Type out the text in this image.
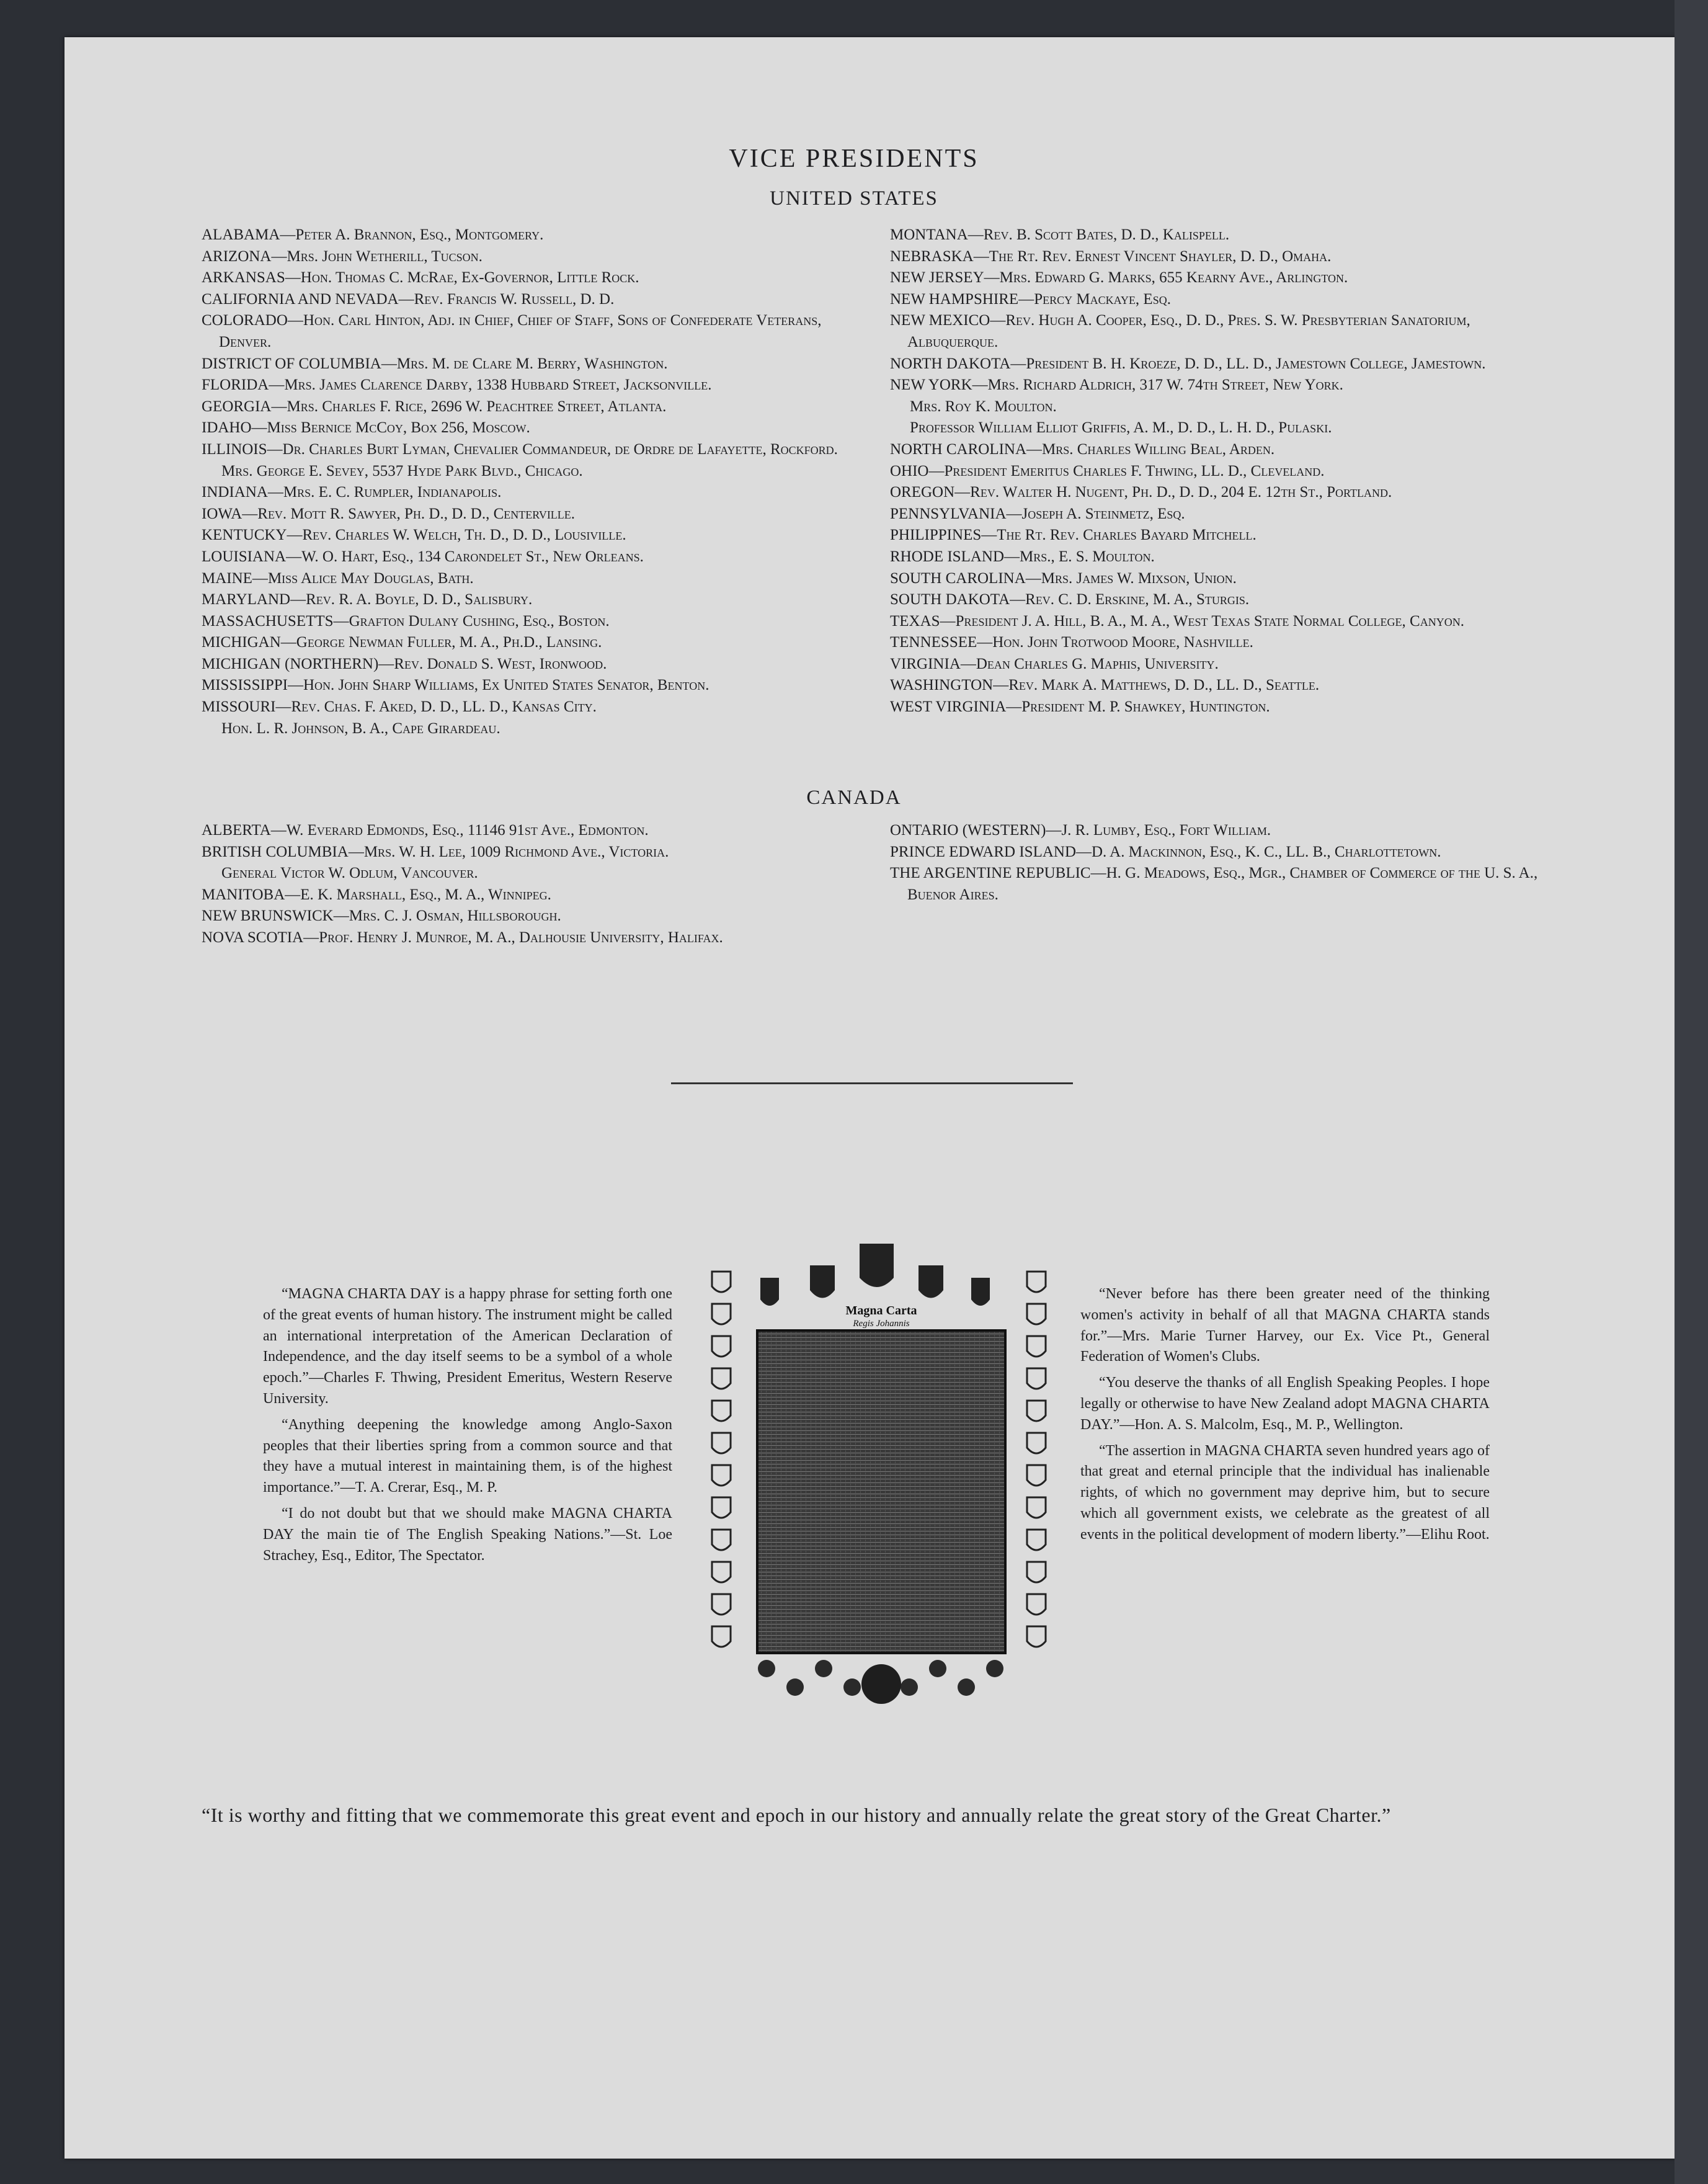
VICE PRESIDENTS
UNITED STATES
ALABAMA—Peter A. Brannon, Esq., Montgomery.
ARIZONA—Mrs. John Wetherill, Tucson.
ARKANSAS—Hon. Thomas C. McRae, Ex-Governor, Little Rock.
CALIFORNIA AND NEVADA—Rev. Francis W. Russell, D. D.
COLORADO—Hon. Carl Hinton, Adj. in Chief, Chief of Staff, Sons of Confederate Veterans, Denver.
DISTRICT OF COLUMBIA—Mrs. M. de Clare M. Berry, Washington.
FLORIDA—Mrs. James Clarence Darby, 1338 Hubbard Street, Jacksonville.
GEORGIA—Mrs. Charles F. Rice, 2696 W. Peachtree Street, Atlanta.
IDAHO—Miss Bernice McCoy, Box 256, Moscow.
ILLINOIS—Dr. Charles Burt Lyman, Chevalier Commandeur, de Ordre de Lafayette, Rockford.
Mrs. George E. Sevey, 5537 Hyde Park Blvd., Chicago.
INDIANA—Mrs. E. C. Rumpler, Indianapolis.
IOWA—Rev. Mott R. Sawyer, Ph. D., D. D., Centerville.
KENTUCKY—Rev. Charles W. Welch, Th. D., D. D., Lousiville.
LOUISIANA—W. O. Hart, Esq., 134 Carondelet St., New Orleans.
MAINE—Miss Alice May Douglas, Bath.
MARYLAND—Rev. R. A. Boyle, D. D., Salisbury.
MASSACHUSETTS—Grafton Dulany Cushing, Esq., Boston.
MICHIGAN—George Newman Fuller, M. A., Ph.D., Lansing.
MICHIGAN (NORTHERN)—Rev. Donald S. West, Ironwood.
MISSISSIPPI—Hon. John Sharp Williams, Ex United States Senator, Benton.
MISSOURI—Rev. Chas. F. Aked, D. D., LL. D., Kansas City.
Hon. L. R. Johnson, B. A., Cape Girardeau.
MONTANA—Rev. B. Scott Bates, D. D., Kalispell.
NEBRASKA—The Rt. Rev. Ernest Vincent Shayler, D. D., Omaha.
NEW JERSEY—Mrs. Edward G. Marks, 655 Kearny Ave., Arlington.
NEW HAMPSHIRE—Percy Mackaye, Esq.
NEW MEXICO—Rev. Hugh A. Cooper, Esq., D. D., Pres. S. W. Presbyterian Sanatorium, Albuquerque.
NORTH DAKOTA—President B. H. Kroeze, D. D., LL. D., Jamestown College, Jamestown.
NEW YORK—Mrs. Richard Aldrich, 317 W. 74th Street, New York.
Mrs. Roy K. Moulton.
Professor William Elliot Griffis, A. M., D. D., L. H. D., Pulaski.
NORTH CAROLINA—Mrs. Charles Willing Beal, Arden.
OHIO—President Emeritus Charles F. Thwing, LL. D., Cleveland.
OREGON—Rev. Walter H. Nugent, Ph. D., D. D., 204 E. 12th St., Portland.
PENNSYLVANIA—Joseph A. Steinmetz, Esq.
PHILIPPINES—The Rt. Rev. Charles Bayard Mitchell.
RHODE ISLAND—Mrs., E. S. Moulton.
SOUTH CAROLINA—Mrs. James W. Mixson, Union.
SOUTH DAKOTA—Rev. C. D. Erskine, M. A., Sturgis.
TEXAS—President J. A. Hill, B. A., M. A., West Texas State Normal College, Canyon.
TENNESSEE—Hon. John Trotwood Moore, Nashville.
VIRGINIA—Dean Charles G. Maphis, University.
WASHINGTON—Rev. Mark A. Matthews, D. D., LL. D., Seattle.
WEST VIRGINIA—President M. P. Shawkey, Huntington.
CANADA
ALBERTA—W. Everard Edmonds, Esq., 11146 91st Ave., Edmonton.
BRITISH COLUMBIA—Mrs. W. H. Lee, 1009 Richmond Ave., Victoria.
General Victor W. Odlum, Vancouver.
MANITOBA—E. K. Marshall, Esq., M. A., Winnipeg.
NEW BRUNSWICK—Mrs. C. J. Osman, Hillsborough.
NOVA SCOTIA—Prof. Henry J. Munroe, M. A., Dalhousie University, Halifax.
ONTARIO (WESTERN)—J. R. Lumby, Esq., Fort William.
PRINCE EDWARD ISLAND—D. A. Mackinnon, Esq., K. C., LL. B., Charlottetown.
THE ARGENTINE REPUBLIC—H. G. Meadows, Esq., Mgr., Chamber of Commerce of the U. S. A., Buenor Aires.

“MAGNA CHARTA DAY is a happy phrase for setting forth one of the great events of human history. The instrument might be called an international interpretation of the American Declaration of Independence, and the day itself seems to be a symbol of a whole epoch.”—Charles F. Thwing, President Emeritus, Western Reserve University.

“Anything deepening the knowledge among Anglo-Saxon peoples that their liberties spring from a common source and that they have a mutual interest in maintaining them, is of the highest importance.”—T. A. Crerar, Esq., M. P.

“I do not doubt but that we should make MAGNA CHARTA DAY the main tie of The English Speaking Nations.”—St. Loe Strachey, Esq., Editor, The Spectator.

Magna Carta
Regis Johannis

“Never before has there been greater need of the thinking women's activity in behalf of all that MAGNA CHARTA stands for.”—Mrs. Marie Turner Harvey, our Ex. Vice Pt., General Federation of Women's Clubs.

“You deserve the thanks of all English Speaking Peoples. I hope legally or otherwise to have New Zealand adopt MAGNA CHARTA DAY.”—Hon. A. S. Malcolm, Esq., M. P., Wellington.

“The assertion in MAGNA CHARTA seven hundred years ago of that great and eternal principle that the individual has inalienable rights, of which no government may deprive him, but to secure which all government exists, we celebrate as the greatest of all events in the political development of modern liberty.”—Elihu Root.

“It is worthy and fitting that we commemorate this great event and epoch in our history and annually relate the great story of the Great Charter.”
